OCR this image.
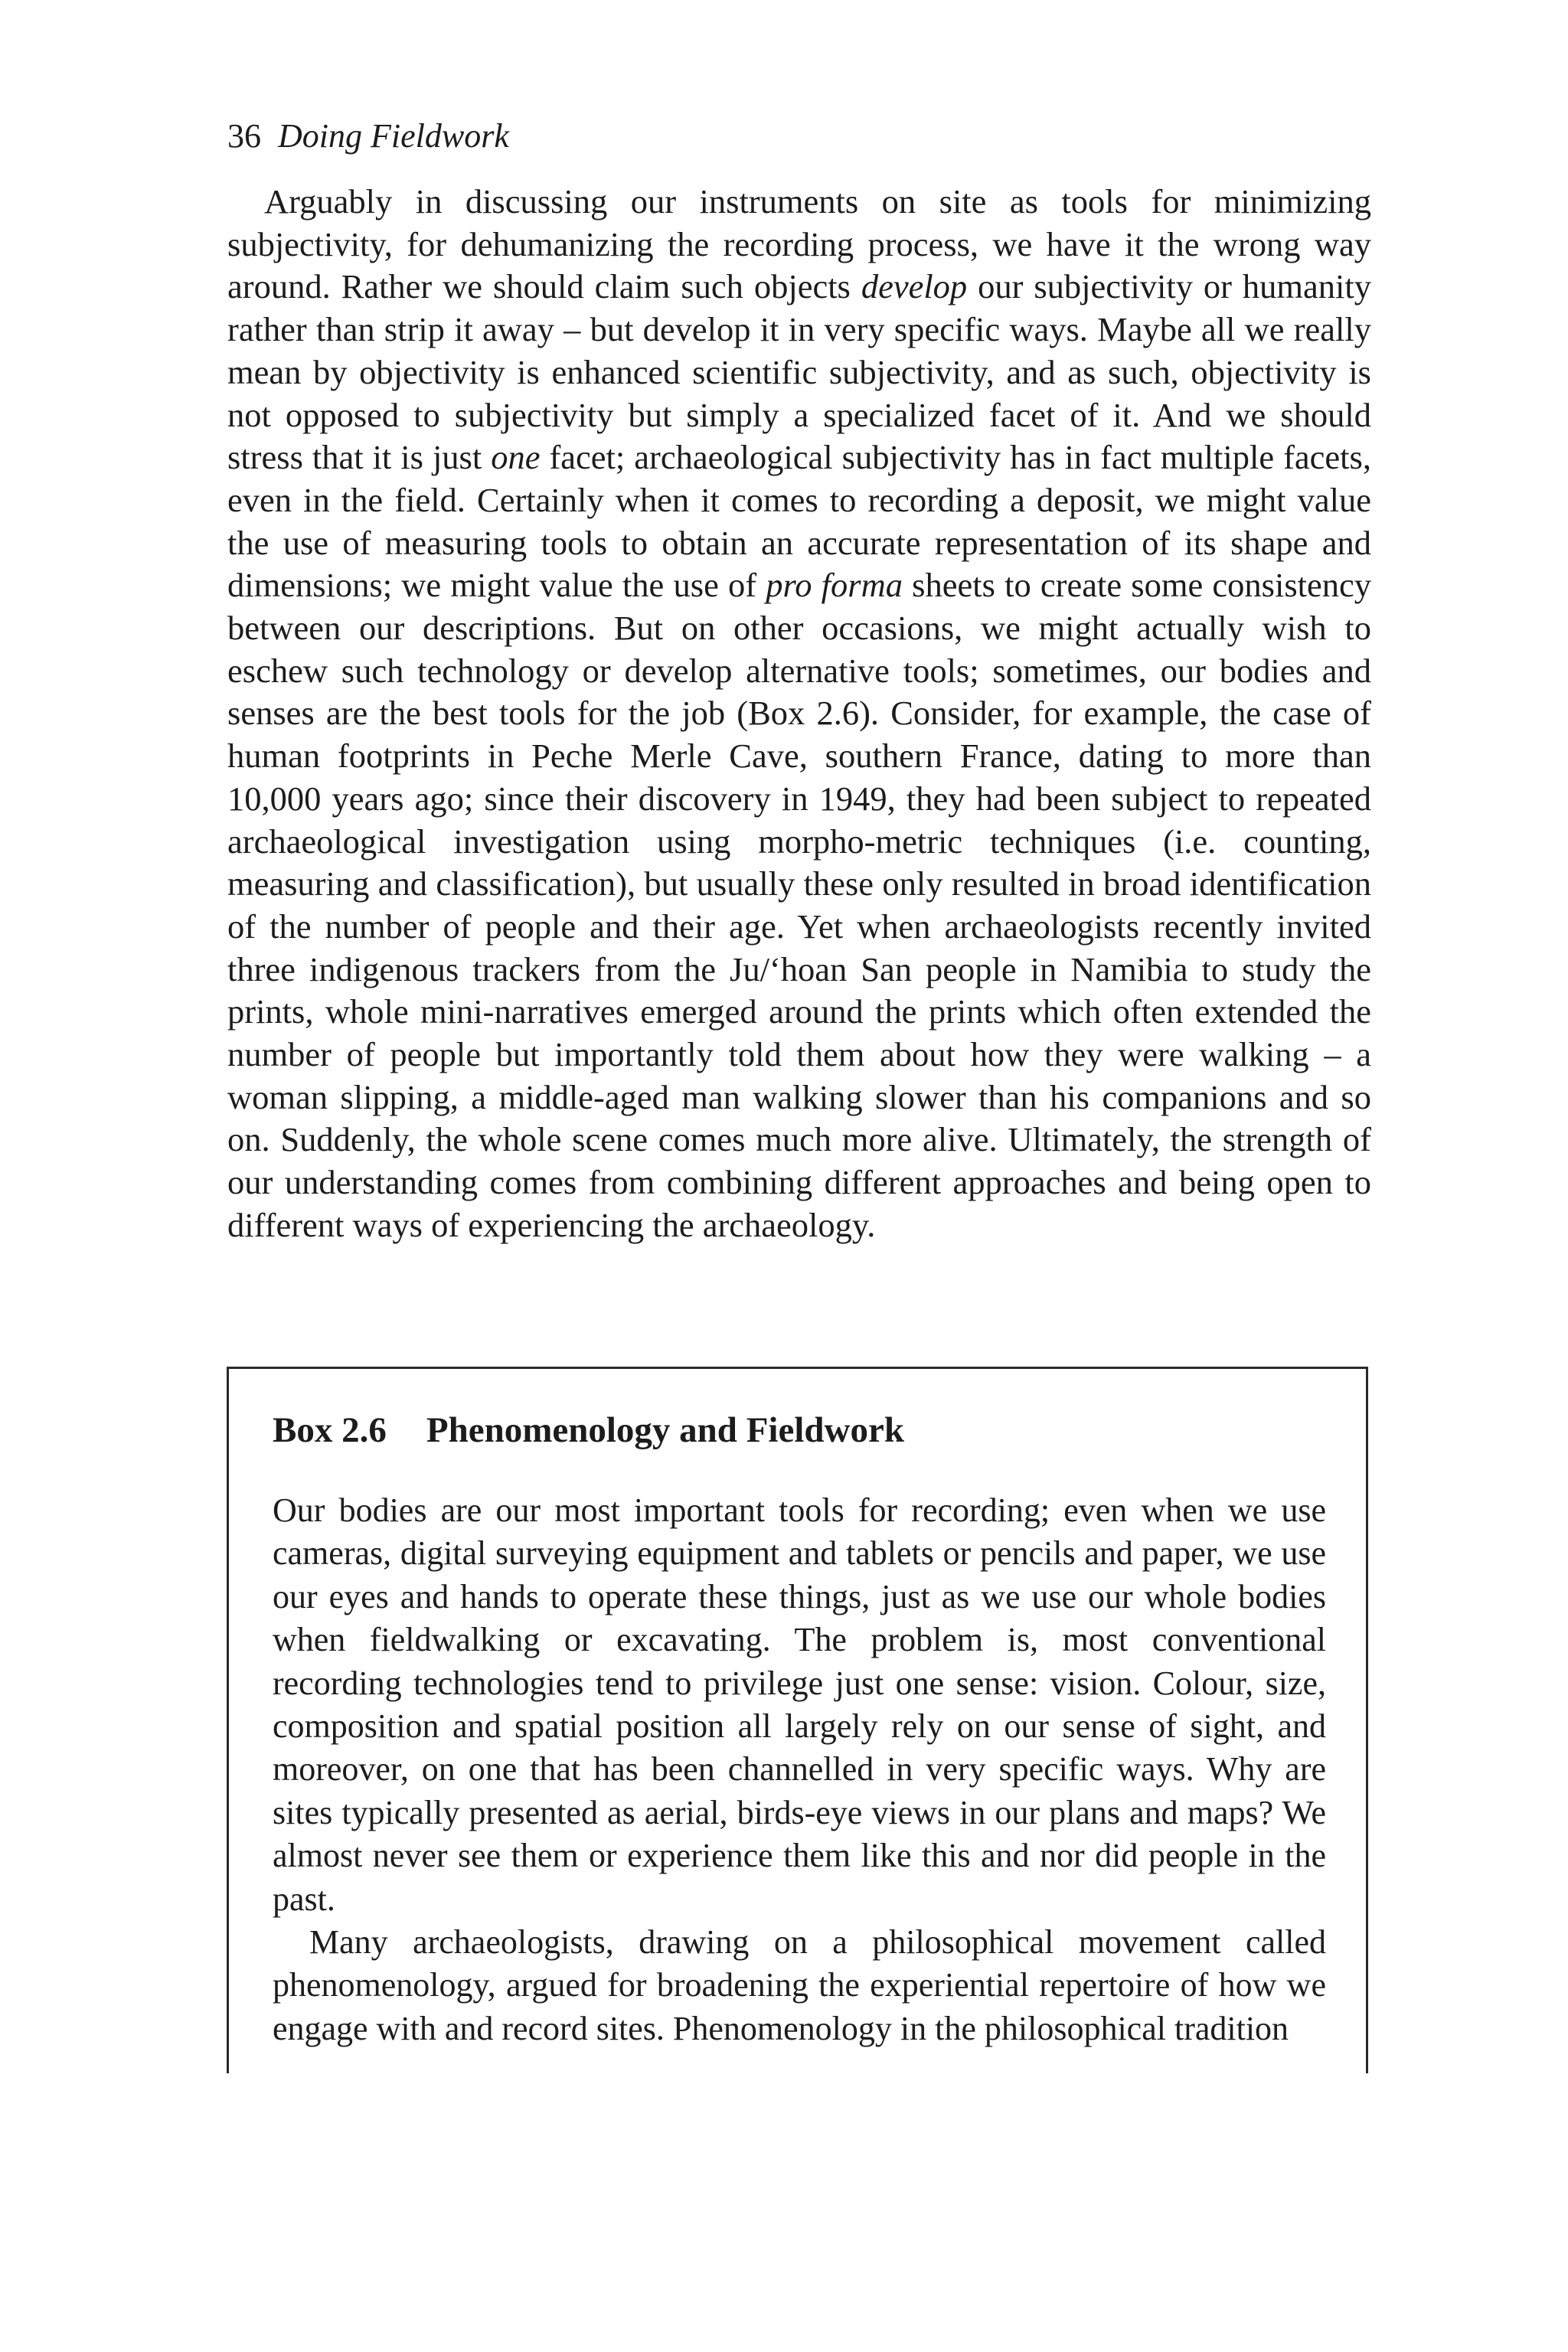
36 Doing Fieldwork

Arguably in discussing our instruments on site as tools for minimizing subjectivity, for dehumanizing the recording process, we have it the wrong way around. Rather we should claim such objects develop our subjectivity or humanity rather than strip it away – but develop it in very specific ways. Maybe all we really mean by objectivity is enhanced scientific subjectivity, and as such, objectivity is not opposed to subjectivity but simply a specialized facet of it. And we should stress that it is just one facet; archaeological subjectivity has in fact multiple facets, even in the field. Certainly when it comes to recording a deposit, we might value the use of measuring tools to obtain an accurate representation of its shape and dimensions; we might value the use of pro forma sheets to create some consistency between our descriptions. But on other occasions, we might actually wish to eschew such technology or develop alternative tools; sometimes, our bodies and senses are the best tools for the job (Box 2.6). Consider, for example, the case of human footprints in Peche Merle Cave, southern France, dating to more than 10,000 years ago; since their discovery in 1949, they had been subject to repeated archaeological investigation using morpho-metric techniques (i.e. counting, measuring and classification), but usually these only resulted in broad identification of the number of people and their age. Yet when archaeologists recently invited three indigenous trackers from the Ju/‘hoan San people in Namibia to study the prints, whole mini-narratives emerged around the prints which often extended the number of people but importantly told them about how they were walking – a woman slipping, a middle-aged man walking slower than his companions and so on. Suddenly, the whole scene comes much more alive. Ultimately, the strength of our understanding comes from combining different approaches and being open to different ways of experiencing the archaeology.

Box 2.6 Phenomenology and Fieldwork

Our bodies are our most important tools for recording; even when we use cameras, digital surveying equipment and tablets or pencils and paper, we use our eyes and hands to operate these things, just as we use our whole bodies when fieldwalking or excavating. The problem is, most conventional recording technologies tend to privilege just one sense: vision. Colour, size, composition and spatial position all largely rely on our sense of sight, and moreover, on one that has been channelled in very specific ways. Why are sites typically presented as aerial, birds-eye views in our plans and maps? We almost never see them or experience them like this and nor did people in the past.

Many archaeologists, drawing on a philosophical movement called phenomenology, argued for broadening the experiential repertoire of how we engage with and record sites. Phenomenology in the philosophical tradition
